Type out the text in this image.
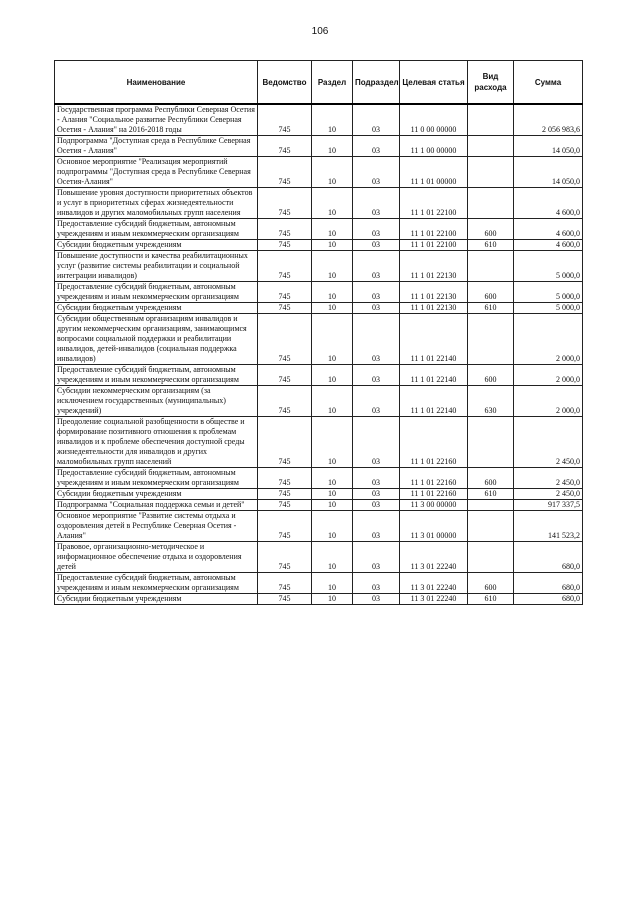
106
Наименование	Ведомство	Раздел	Подраздел	Целевая статья	Вид расхода	Сумма
Государственная программа Республики Северная Осетия - Алания "Социальное развитие Республики Северная Осетия - Алания" на 2016-2018 годы	745	10	03	11 0 00 00000		2 056 983,6
Подпрограмма "Доступная среда в Республике Северная Осетия - Алания"	745	10	03	11 1 00 00000		14 050,0
Основное мероприятие "Реализация мероприятий подпрограммы "Доступная среда в Республике Северная Осетия-Алания"	745	10	03	11 1 01 00000		14 050,0
Повышение уровня доступности приоритетных объектов и услуг в приоритетных сферах жизнедеятельности инвалидов и других маломобильных групп населения	745	10	03	11 1 01 22100		4 600,0
Предоставление субсидий бюджетным, автономным учреждениям и иным некоммерческим организациям	745	10	03	11 1 01 22100	600	4 600,0
Субсидии бюджетным учреждениям	745	10	03	11 1 01 22100	610	4 600,0
Повышение доступности и качества реабилитационных услуг (развитие системы реабилитации и социальной интеграции инвалидов)	745	10	03	11 1 01 22130		5 000,0
Предоставление субсидий бюджетным, автономным учреждениям и иным некоммерческим организациям	745	10	03	11 1 01 22130	600	5 000,0
Субсидии бюджетным учреждениям	745	10	03	11 1 01 22130	610	5 000,0
Субсидии общественным организациям инвалидов и другим некоммерческим организациям, занимающимся вопросами социальной поддержки и реабилитации инвалидов, детей-инвалидов (социальная поддержка инвалидов)	745	10	03	11 1 01 22140		2 000,0
Предоставление субсидий бюджетным, автономным учреждениям и иным некоммерческим организациям	745	10	03	11 1 01 22140	600	2 000,0
Субсидии некоммерческим организациям (за исключением государственных (муниципальных) учреждений)	745	10	03	11 1 01 22140	630	2 000,0
Преодоление социальной разобщенности в обществе и формирование позитивного отношения к проблемам инвалидов и к проблеме обеспечения доступной среды жизнедеятельности для инвалидов и других маломобильных групп населений	745	10	03	11 1 01 22160		2 450,0
Предоставление субсидий бюджетным, автономным учреждениям и иным некоммерческим организациям	745	10	03	11 1 01 22160	600	2 450,0
Субсидии бюджетным учреждениям	745	10	03	11 1 01 22160	610	2 450,0
Подпрограмма "Социальная поддержка семьи и детей"	745	10	03	11 3 00 00000		917 337,5
Основное мероприятие "Развитие системы отдыха и оздоровления детей в Республике Северная Осетия - Алания"	745	10	03	11 3 01 00000		141 523,2
Правовое, организационно-методическое и информационное обеспечение отдыха и оздоровления детей	745	10	03	11 3 01 22240		680,0
Предоставление субсидий бюджетным, автономным учреждениям и иным некоммерческим организациям	745	10	03	11 3 01 22240	600	680,0
Субсидии бюджетным учреждениям	745	10	03	11 3 01 22240	610	680,0
